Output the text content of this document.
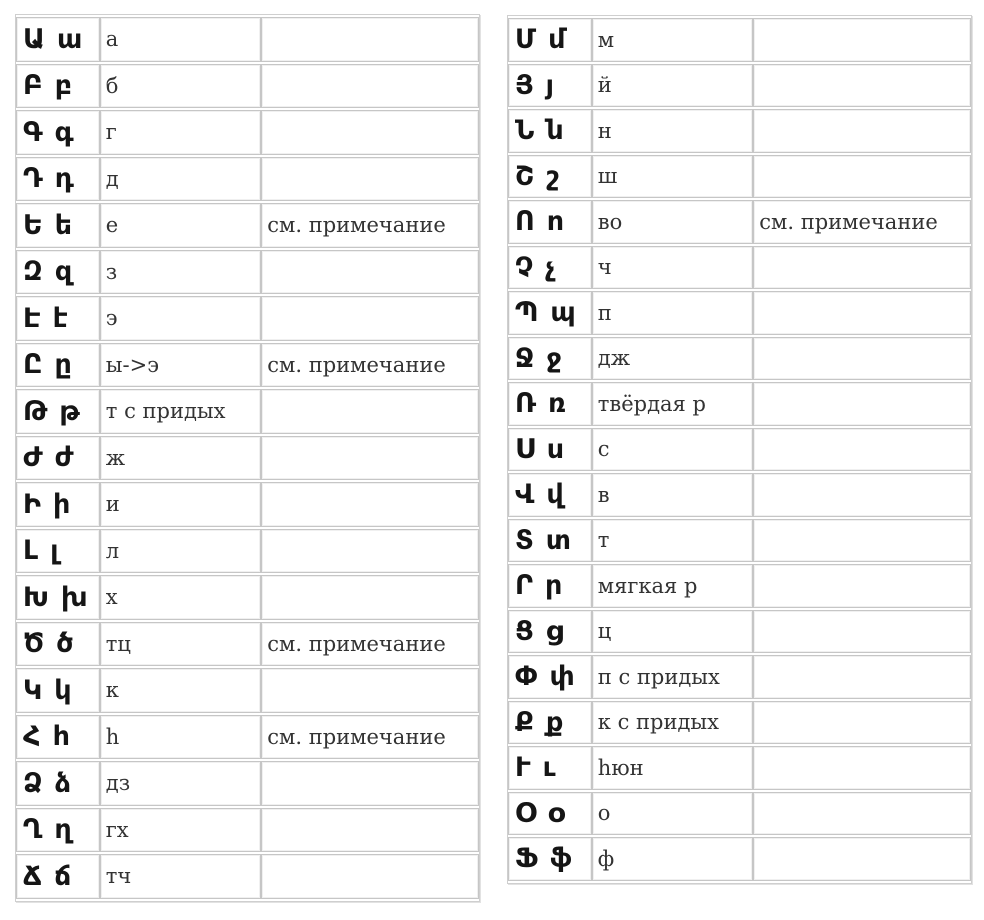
Ա ա	а	
Բ բ	б	
Գ գ	г	
Դ դ	д	
Ե ե	е	см. примечание
Զ զ	з	
Է է	э	
Ը ը	ы->э	см. примечание
Թ թ	т с придых	
Ժ ժ	ж	
Ի ի	и	
Լ լ	л	
Խ խ	х	
Ծ ծ	тц	см. примечание
Կ կ	к	
Հ հ	h	см. примечание
Ձ ձ	дз	
Ղ ղ	гх	
Ճ ճ	тч	
Մ մ	м	
Յ յ	й	
Ն ն	н	
Շ շ	ш	
Ո ո	во	см. примечание
Չ չ	ч	
Պ պ	п	
Ջ ջ	дж	
Ռ ռ	твёрдая р	
Ս ս	с	
Վ վ	в	
Տ տ	т	
Ր ր	мягкая р	
Ց ց	ц	
Փ փ	п с придых	
Ք ք	к с придых	
Ւ ւ	hюн	
Օ օ	о	
Ֆ ֆ	ф	
